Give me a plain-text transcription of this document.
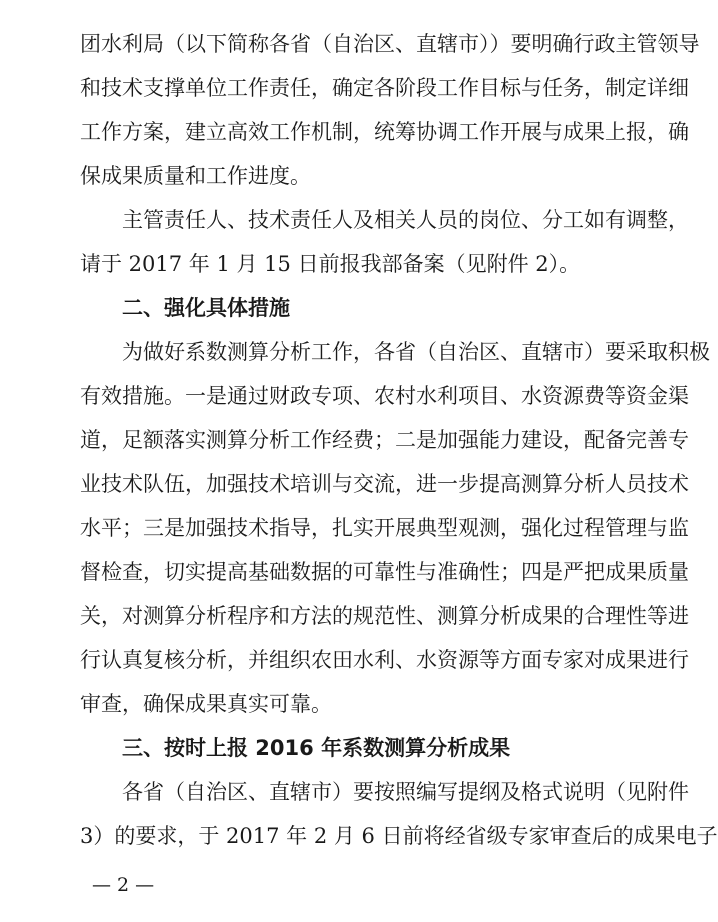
团水利局（以下简称各省（自治区、直辖市））要明确行政主管领导
和技术支撑单位工作责任，确定各阶段工作目标与任务，制定详细
工作方案，建立高效工作机制，统筹协调工作开展与成果上报，确
保成果质量和工作进度。
主管责任人、技术责任人及相关人员的岗位、分工如有调整，
请于 2017 年 1 月 15 日前报我部备案（见附件 2）。
二、强化具体措施
为做好系数测算分析工作，各省（自治区、直辖市）要采取积极
有效措施。一是通过财政专项、农村水利项目、水资源费等资金渠
道，足额落实测算分析工作经费；二是加强能力建设，配备完善专
业技术队伍，加强技术培训与交流，进一步提高测算分析人员技术
水平；三是加强技术指导，扎实开展典型观测，强化过程管理与监
督检查，切实提高基础数据的可靠性与准确性；四是严把成果质量
关，对测算分析程序和方法的规范性、测算分析成果的合理性等进
行认真复核分析，并组织农田水利、水资源等方面专家对成果进行
审查，确保成果真实可靠。
三、按时上报 2016 年系数测算分析成果
各省（自治区、直辖市）要按照编写提纲及格式说明（见附件
3）的要求，于 2017 年 2 月 6 日前将经省级专家审查后的成果电子
— 2 —
